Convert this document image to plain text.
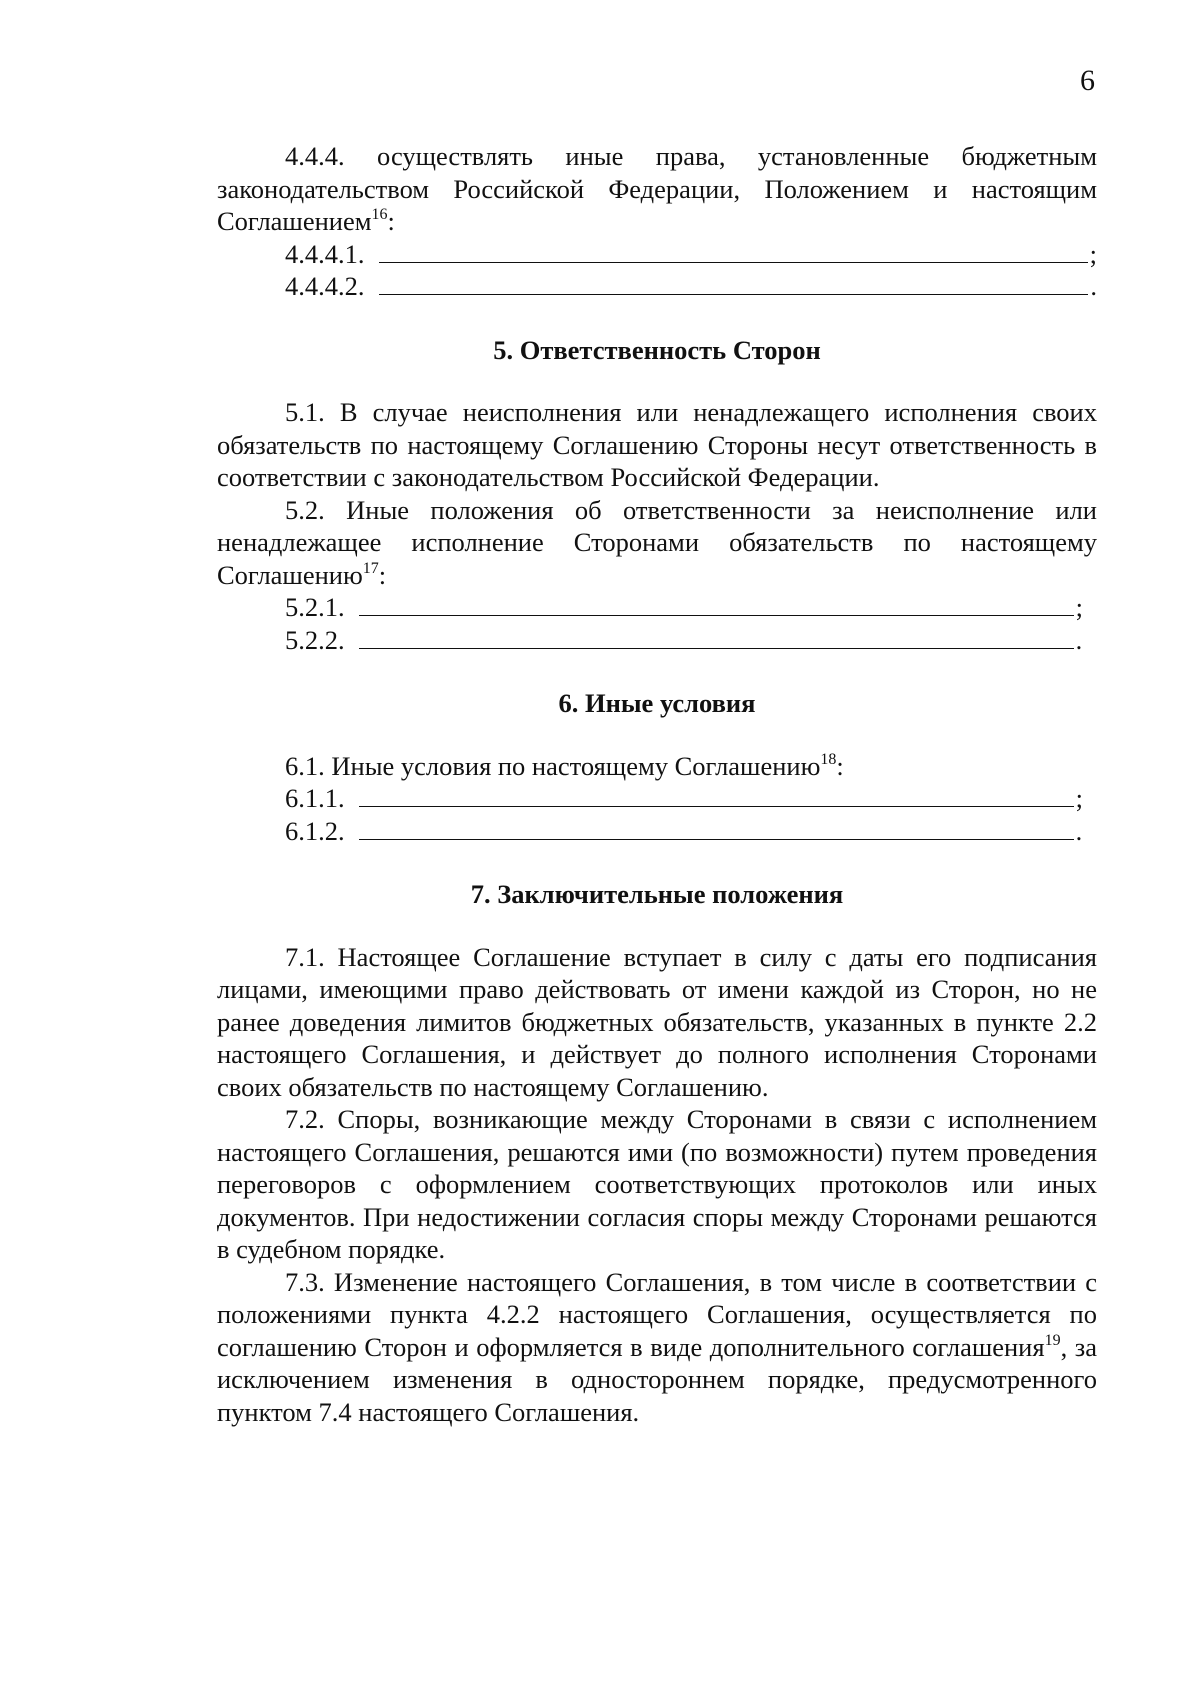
6
4.4.4. осуществлять иные права, установленные бюджетным законодательством Российской Федерации, Положением и настоящим Соглашением$^{16}$:
4.4.4.1.	;
4.4.4.2.	.
5. Ответственность Сторон
5.1. В случае неисполнения или ненадлежащего исполнения своих обязательств по настоящему Соглашению Стороны несут ответственность в соответствии с законодательством Российской Федерации.
5.2. Иные положения об ответственности за неисполнение или ненадлежащее исполнение Сторонами обязательств по настоящему Соглашению$^{17}$:
5.2.1.	;
5.2.2.	.
6. Иные условия
6.1. Иные условия по настоящему Соглашению$^{18}$:
6.1.1.	;
6.1.2.	.
7. Заключительные положения
7.1. Настоящее Соглашение вступает в силу с даты его подписания лицами, имеющими право действовать от имени каждой из Сторон, но не ранее доведения лимитов бюджетных обязательств, указанных в пункте 2.2 настоящего Соглашения, и действует до полного исполнения Сторонами своих обязательств по настоящему Соглашению.
7.2. Споры, возникающие между Сторонами в связи с исполнением настоящего Соглашения, решаются ими (по возможности) путем проведения переговоров с оформлением соответствующих протоколов или иных документов. При недостижении согласия споры между Сторонами решаются в судебном порядке.
7.3. Изменение настоящего Соглашения, в том числе в соответствии с положениями пункта 4.2.2 настоящего Соглашения, осуществляется по соглашению Сторон и оформляется в виде дополнительного соглашения$^{19}$, за исключением изменения в одностороннем порядке, предусмотренного пунктом 7.4 настоящего Соглашения.
